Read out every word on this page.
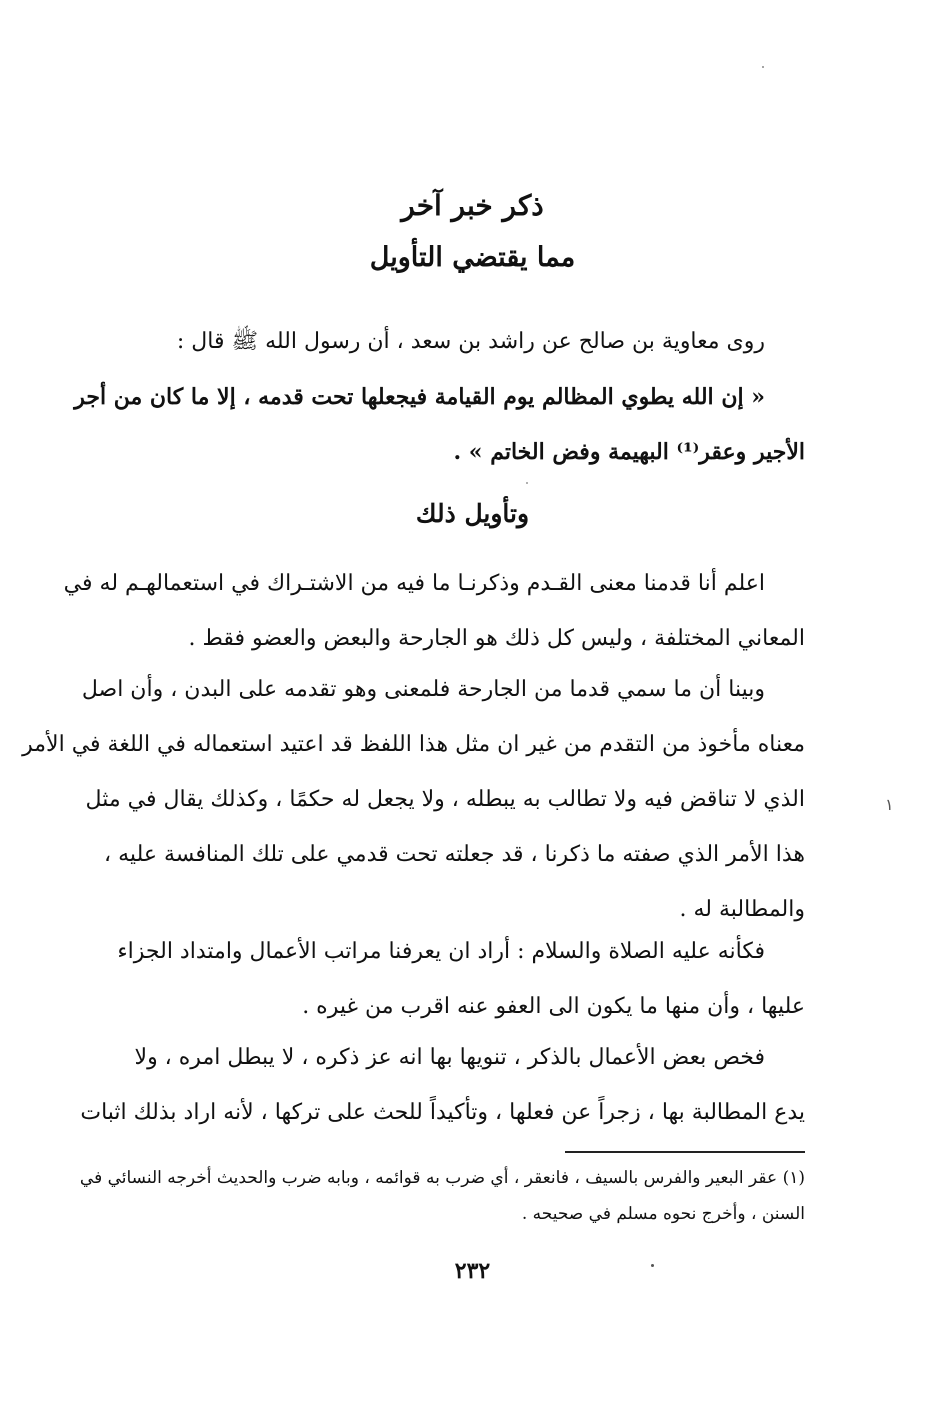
ذكر خبر آخر
مما يقتضي التأويل
روى معاوية بن صالح عن راشد بن سعد ، أن رسول الله ﷺ قال :
« إن الله يطوي المظالم يوم القيامة فيجعلها تحت قدمه ، إلا ما كان من أجر
الأجير وعقر⁽¹⁾ البهيمة وفض الخاتم » .
وتأويل ذلك
اعلم أنا قدمنا معنى القـدم وذكرنـا ما فيه من الاشتـراك في استعمالهـم له في
المعاني المختلفة ، وليس كل ذلك هو الجارحة والبعض والعضو فقط .
وبينا أن ما سمي قدما من الجارحة فلمعنى وهو تقدمه على البدن ، وأن اصل
معناه مأخوذ من التقدم من غير ان مثل هذا اللفظ قد اعتيد استعماله في اللغة في الأمر
الذي لا تناقض فيه ولا تطالب به يبطله ، ولا يجعل له حكمًا ، وكذلك يقال في مثل
هذا الأمر الذي صفته ما ذكرنا ، قد جعلته تحت قدمي على تلك المنافسة عليه ،
والمطالبة له .
فكأنه عليه الصلاة والسلام : أراد ان يعرفنا مراتب الأعمال وامتداد الجزاء
عليها ، وأن منها ما يكون الى العفو عنه اقرب من غيره .
فخص بعض الأعمال بالذكر ، تنويها بها انه عز ذكره ، لا يبطل امره ، ولا
يدع المطالبة بها ، زجراً عن فعلها ، وتأكيداً للحث على تركها ، لأنه اراد بذلك اثبات
(١) عقر البعير والفرس بالسيف ، فانعقر ، أي ضرب به قوائمه ، وبابه ضرب والحديث أخرجه النسائي في
السنن ، وأخرج نحوه مسلم في صحيحه .
٢٣٢
١
